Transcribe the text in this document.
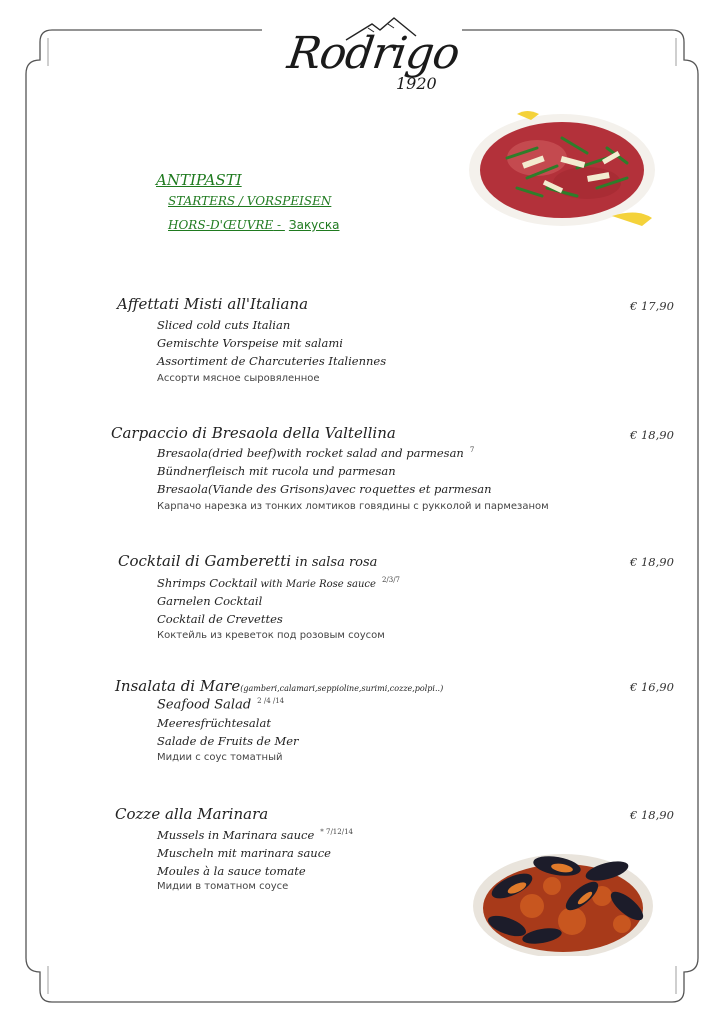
Rodrigo
1920
ANTIPASTI
STARTERS / VORSPEISEN
HORS-D'ŒUVRE - Закуска
Affettati Misti all'Italiana	€ 17,90
Sliced cold cuts Italian
Gemischte Vorspeise mit salami
Assortiment de Charcuteries Italiennes
Ассорти мясное сыровяленное
Carpaccio di Bresaola della Valtellina	€ 18,90
Bresaola(dried beef)with rocket salad and parmesan $^7$
Bündnerfleisch mit rucola und parmesan
Bresaola(Viande des Grisons)avec roquettes et parmesan
Карпачо нарезка из тонких ломтиков говядины с рукколой и пармезаном
Cocktail di Gamberetti in salsa rosa	€ 18,90
Shrimps Cocktail with Marie Rose sauce $^{2/3/7}$
Garnelen Cocktail
Cocktail de Crevettes
Коктейль из креветок под розовым соусом
Insalata di Mare(gamberi,calamari,seppioline,surimi,cozze,polpi..)	€ 16,90
Seafood Salad $^{2 /4 /14}$
Meeresfrüchtesalat
Salade de Fruits de Mer
Мидии с соус томатный
Cozze alla Marinara	€ 18,90
Mussels in Marinara sauce $^{* 7/12/14}$
Muscheln mit marinara sauce
Moules à la sauce tomate
Мидии в томатном соусе
